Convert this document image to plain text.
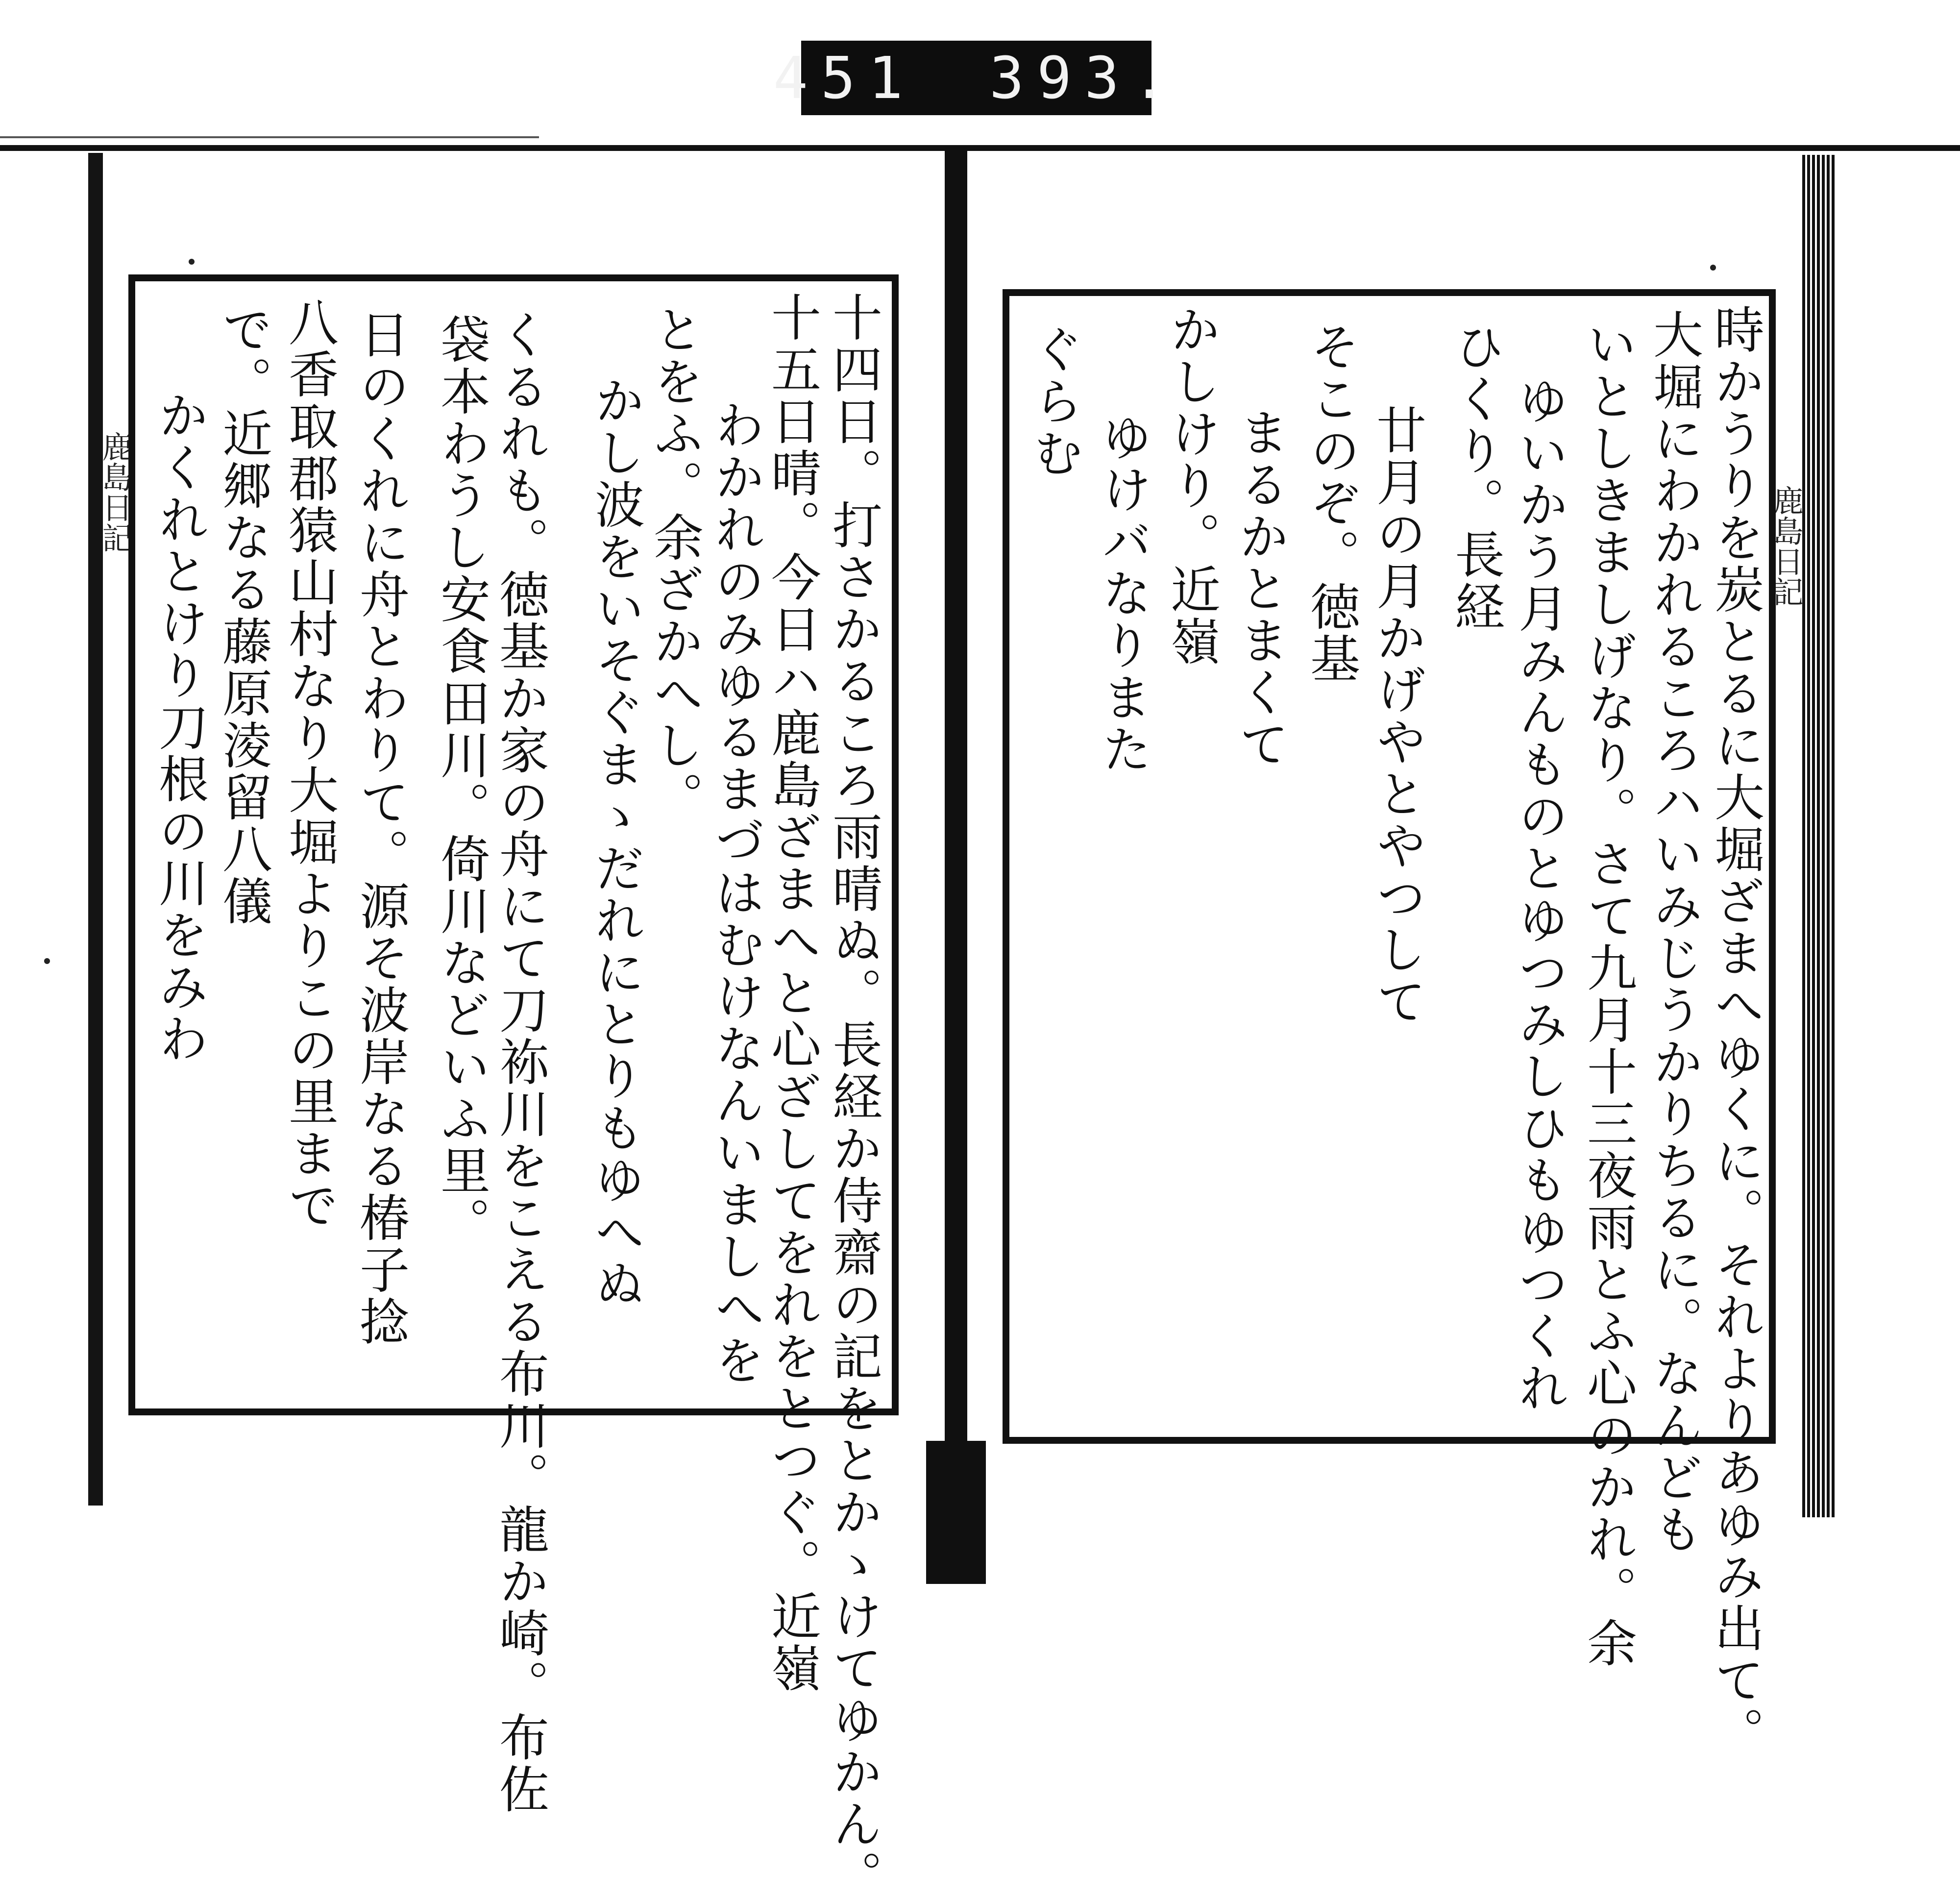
451 393.
鹿島日記	鹿島日記
十四日。打さかるころ雨晴ぬ。長経か侍齋の記をとかゝけてゆかん。
十五日晴。今日ハ鹿島ざまへと心ざしてをれをとつぐ。近嶺
わかれのみゆるまづはむけなんいましへを
とをふ。余ざかへし。
かし波をいそぐまゝだれにとりもゆへぬ
くるれも。徳基か家の舟にて刀袮川をこえる布川。龍か崎。布佐
袋本わうし安食田川。倚川などいふ里。
日のくれに舟とわりて。源そ波岸なる椿子捻
八香取郡猿山村なり大堀よりこの里まで
で。近郷なる藤原淩留八儀
かくれとけり刀根の川をみわ	時かうりを炭とるに大堀ざまへゆくに。それよりあゆみ出て。
大堀にわかれるころハいみじうかりちるに。なんども
いとしきましげなり。さて九月十三夜雨とふ心のかれ。余
ゆいかう月みんものとゆつみしひもゆつくれ
ひくり。長経
廿月の月かげやとやつして
そこのぞ。徳基
まるかとまくて
かしけり。近嶺
ゆけバなりまた
ぐらむ
